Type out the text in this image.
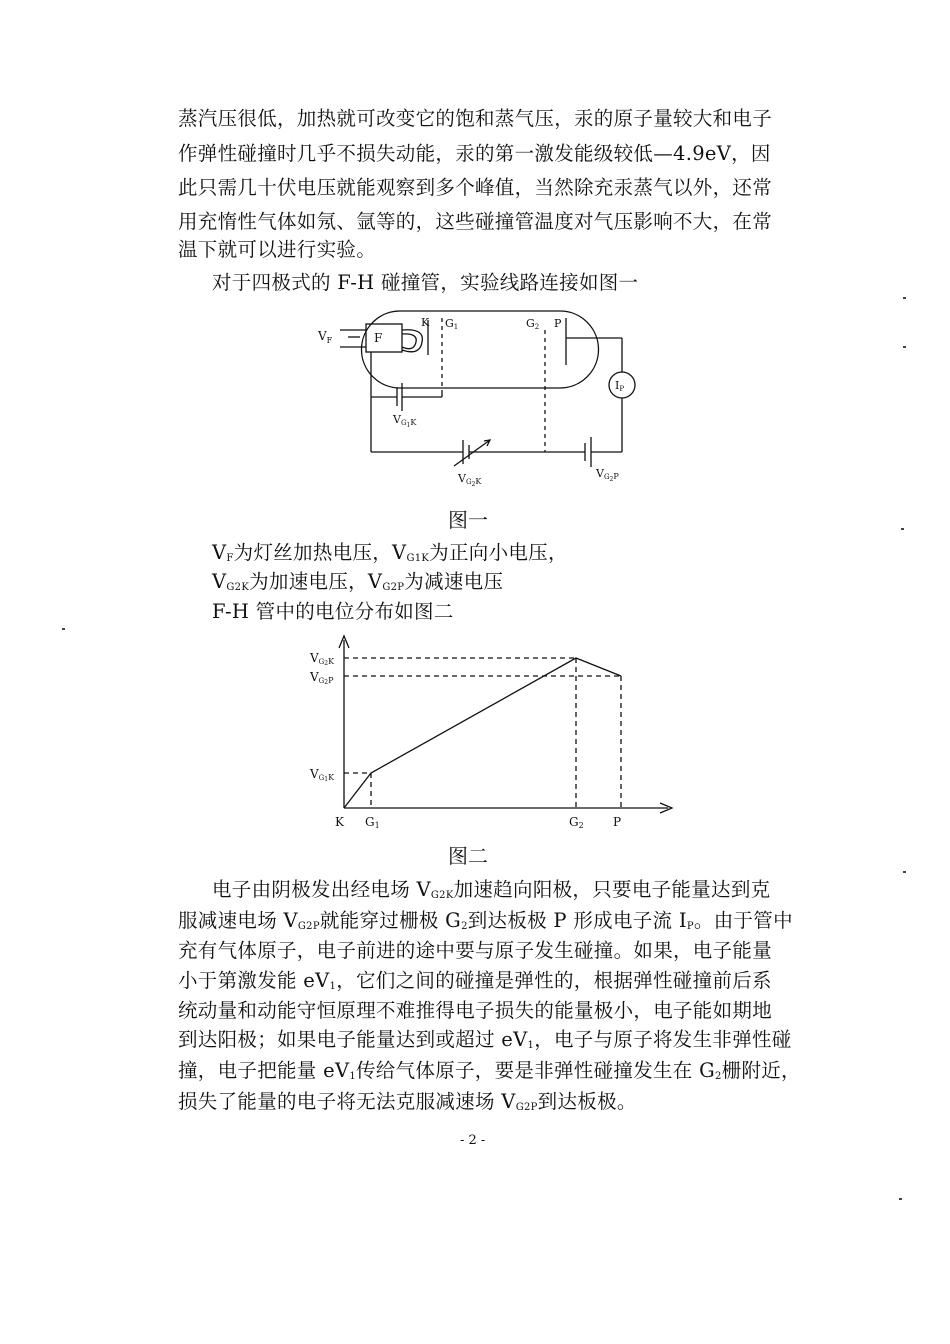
蒸汽压很低，加热就可改变它的饱和蒸气压，汞的原子量较大和电子
作弹性碰撞时几乎不损失动能，汞的第一激发能级较低—4.9eV，因
此只需几十伏电压就能观察到多个峰值，当然除充汞蒸气以外，还常
用充惰性气体如氖、氩等的，这些碰撞管温度对气压影响不大，在常
温下就可以进行实验。
对于四极式的 F-H 碰撞管，实验线路连接如图一
$V_F$	F
K G1	G2 P
IP
VG1K
VG2K
VG2P
图一
$V_F$为灯丝加热电压，$V_{G1K}$为正向小电压，
$V_{G2K}$为加速电压，$V_{G2P}$为减速电压
F-H 管中的电位分布如图二
VG2K
VG2P
VG1K
K G1	G2 P
图二
电子由阴极发出经电场 $V_{G2K}$加速趋向阳极，只要电子能量达到克
服减速电场 $V_{G2P}$就能穿过栅极 $G_2$到达板极 P 形成电子流 $I_P$。由于管中
充有气体原子，电子前进的途中要与原子发生碰撞。如果，电子能量
小于第激发能 $eV_1$，它们之间的碰撞是弹性的，根据弹性碰撞前后系
统动量和动能守恒原理不难推得电子损失的能量极小，电子能如期地
到达阳极；如果电子能量达到或超过 $eV_1$，电子与原子将发生非弹性碰
撞，电子把能量 $eV_1$传给气体原子，要是非弹性碰撞发生在 $G_2$栅附近，
损失了能量的电子将无法克服减速场 $V_{G2P}$到达板极。
- 2 -
